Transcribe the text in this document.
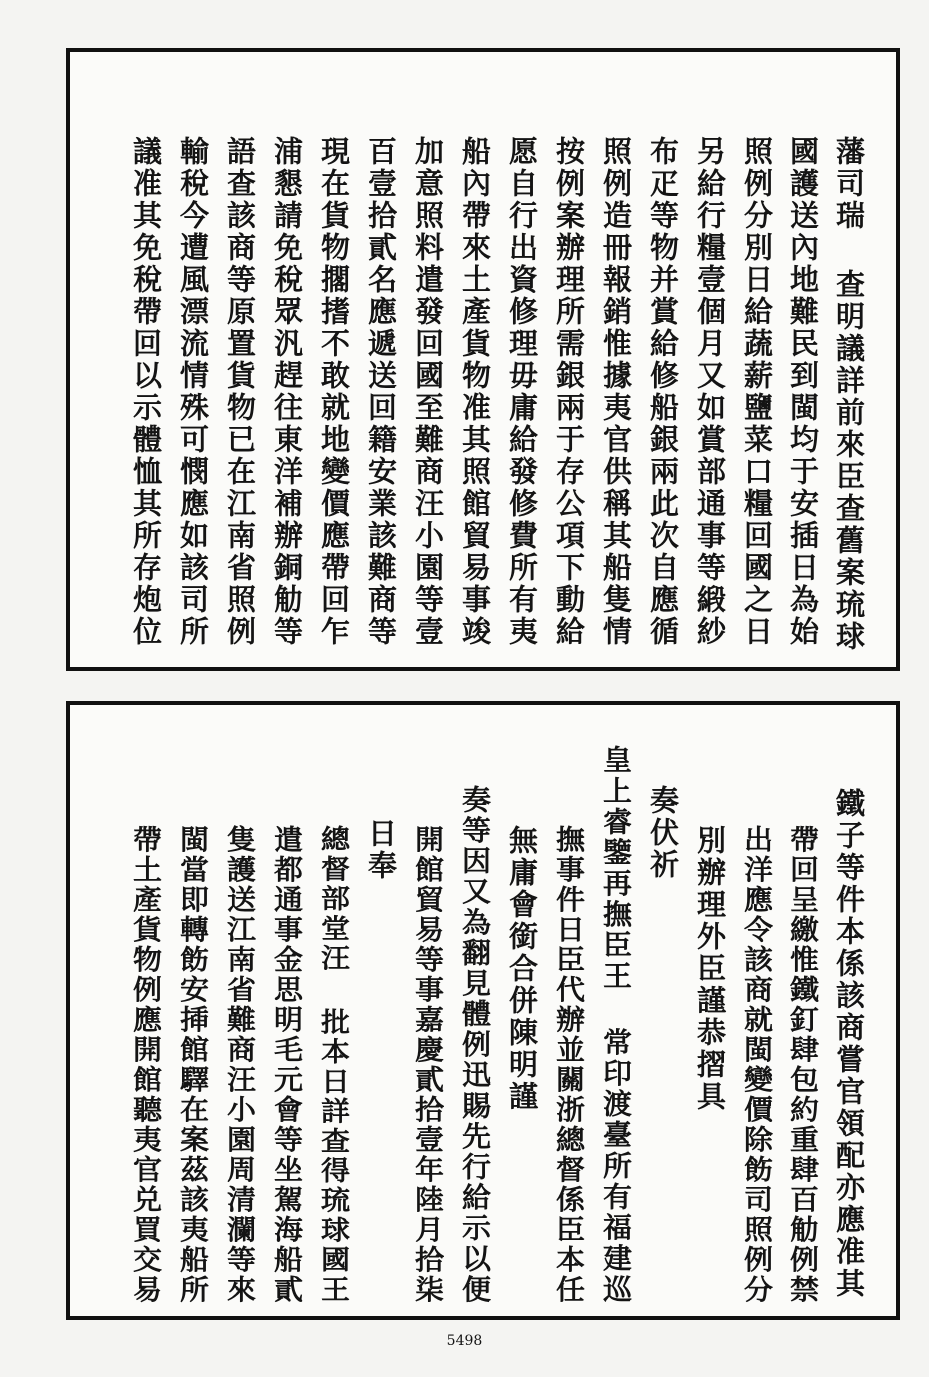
藩司瑞 查明議詳前來臣查舊案琉球
國護送內地難民到閩均于安插日為始
照例分別日給蔬薪鹽菜口糧回國之日
另給行糧壹個月又如賞部通事等緞紗
布疋等物并賞給修船銀兩此次自應循
照例造冊報銷惟據夷官供稱其船隻情
按例案辦理所需銀兩于存公項下動給
愿自行出資修理毋庸給發修費所有夷
船內帶來土產貨物准其照館貿易事竣
加意照料遣發回國至難商汪小園等壹
百壹拾貳名應遞送回籍安業該難商等
現在貨物擱搘不敢就地變價應帶回乍
浦懇請免稅眾汎趕往東洋補辦銅觔等
語查該商等原置貨物已在江南省照例
輸稅今遭風漂流情殊可憫應如該司所
議准其免稅帶回以示體恤其所存炮位
鐵子等件本係該商嘗官領配亦應准其
帶回呈繳惟鐵釘肆包約重肆百觔例禁
出洋應令該商就閩變價除飭司照例分
別辦理外臣謹恭摺具
奏伏祈
皇上睿鑒再撫臣王 常印渡臺所有福建巡
撫事件日臣代辦並關浙總督係臣本任
無庸會銜合併陳明謹
奏等因又為翻見體例迅賜先行給示以便
開館貿易等事嘉慶貳拾壹年陸月拾柒
日奉
總督部堂汪 批本日詳查得琉球國王
遣都通事金思明毛元會等坐駕海船貳
隻護送江南省難商汪小園周清瀾等來
閩當即轉飭安揷館驛在案茲該夷船所
帶土產貨物例應開館聽夷官兑買交易
5498
